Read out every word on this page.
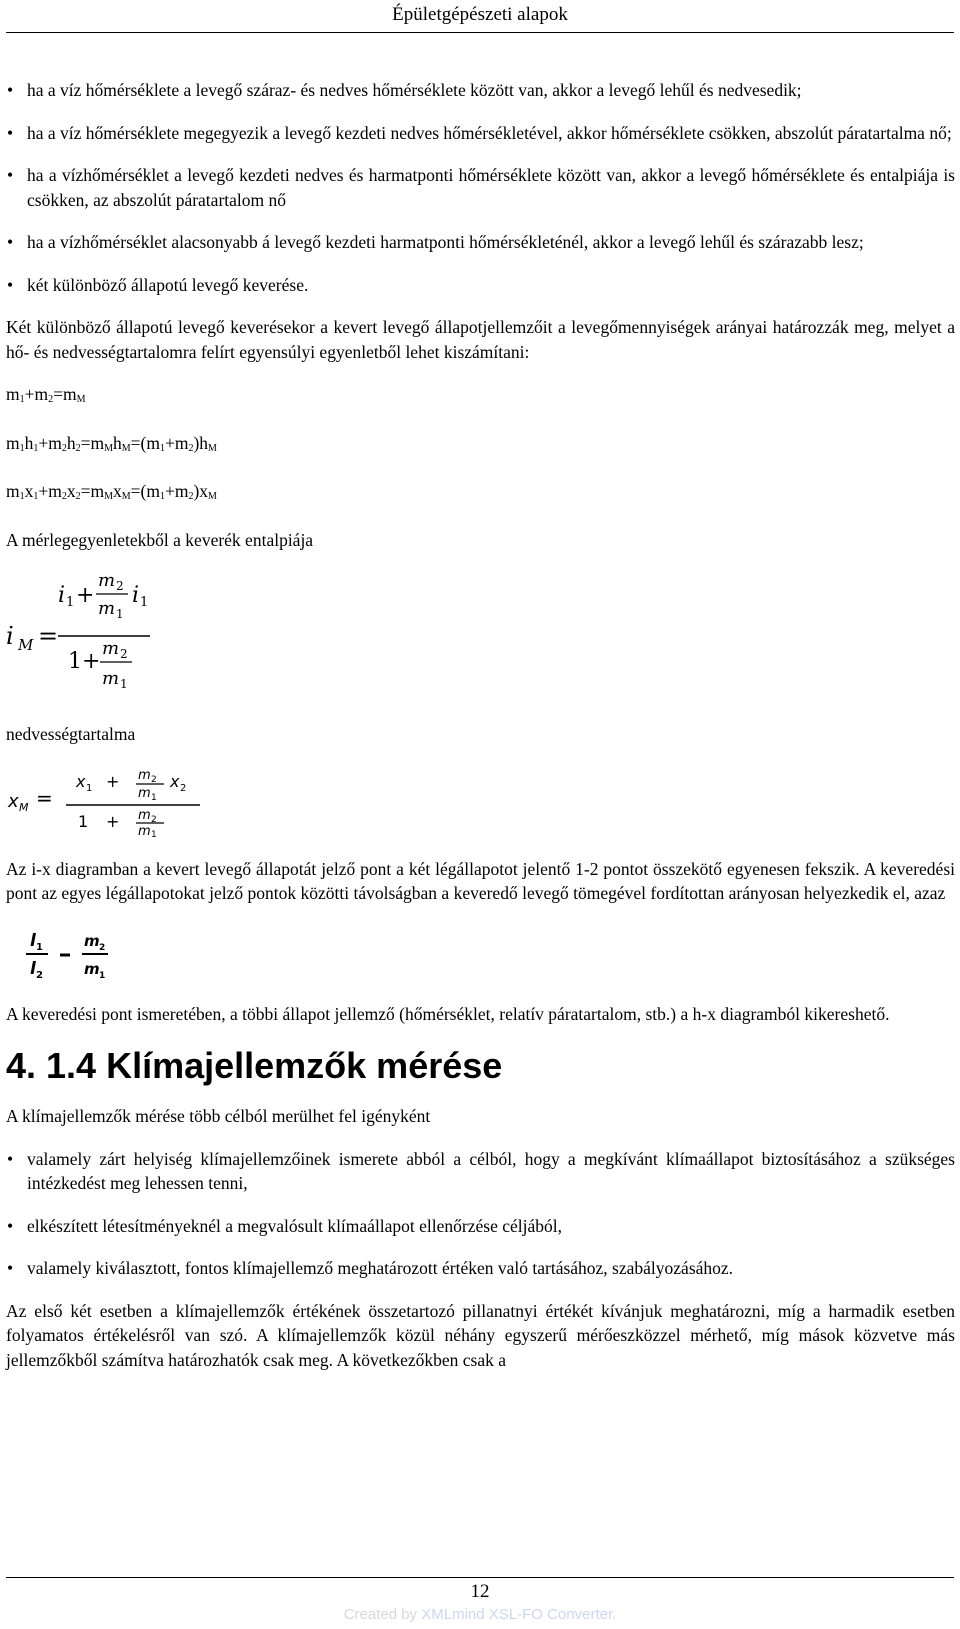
Épületgépészeti alapok
• ha a víz hőmérséklete a levegő száraz- és nedves hőmérséklete között van, akkor a levegő lehűl és nedvesedik;
• ha a víz hőmérséklete megegyezik a levegő kezdeti nedves hőmérsékletével, akkor hőmérséklete csökken, abszolút páratartalma nő;
• ha a vízhőmérséklet a levegő kezdeti nedves és harmatponti hőmérséklete között van, akkor a levegő hőmérséklete és entalpiája is csökken, az abszolút páratartalom nő
• ha a vízhőmérséklet alacsonyabb á levegő kezdeti harmatponti hőmérsékleténél, akkor a levegő lehűl és szárazabb lesz;
• két különböző állapotú levegő keverése.

Két különböző állapotú levegő keverésekor a kevert levegő állapotjellemzőit a levegőmennyiségek arányai határozzák meg, melyet a hő- és nedvességtartalomra felírt egyensúlyi egyenletből lehet kiszámítani:

$m_1+m_2=m_M$
$m_1h_1+m_2h_2=m_Mh_M=(m_1+m_2)h_M$
$m_1x_1+m_2x_2=m_Mx_M=(m_1+m_2)x_M$

A mérlegegyenletekből a keverék entalpiája

i M =
i 1 +
m 2
m 1
i 1
1+
m 2
m 1

nedvességtartalma

x M =
x 1 + m 2
m 1
x 2
1 + m 2
m 1

Az i-x diagramban a kevert levegő állapotát jelző pont a két légállapotot jelentő 1-2 pontot összekötő egyenesen fekszik. A keveredési pont az egyes légállapotokat jelző pontok közötti távolságban a keveredő levegő tömegével fordítottan arányosan helyezkedik el, azaz

l 1
l 2
m 2
m 1

A keveredési pont ismeretében, a többi állapot jellemző (hőmérséklet, relatív páratartalom, stb.) a h-x diagramból kikereshető.

4. 1.4 Klímajellemzők mérése

A klímajellemzők mérése több célból merülhet fel igényként

• valamely zárt helyiség klímajellemzőinek ismerete abból a célból, hogy a megkívánt klímaállapot biztosításához a szükséges intézkedést meg lehessen tenni,
• elkészített létesítményeknél a megvalósult klímaállapot ellenőrzése céljából,
• valamely kiválasztott, fontos klímajellemző meghatározott értéken való tartásához, szabályozásához.

Az első két esetben a klímajellemzők értékének összetartozó pillanatnyi értékét kívánjuk meghatározni, míg a harmadik esetben folyamatos értékelésről van szó. A klímajellemzők közül néhány egyszerű mérőeszközzel mérhető, míg mások közvetve más jellemzőkből számítva határozhatók csak meg. A következőkben csak a

12
Created by XMLmind XSL-FO Converter.
